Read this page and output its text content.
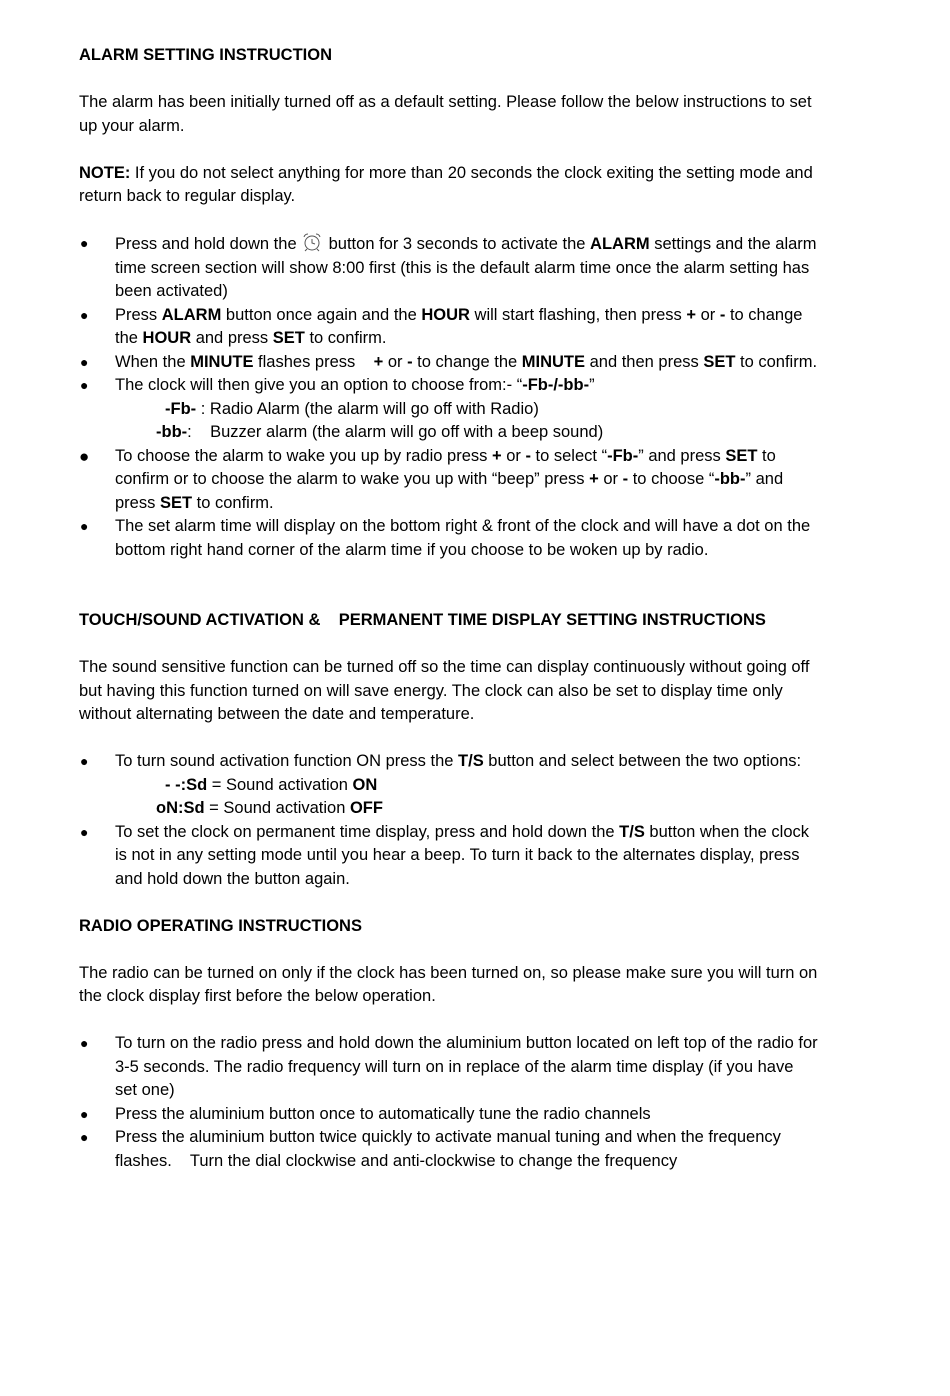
ALARM SETTING INSTRUCTION

The alarm has been initially turned off as a default setting. Please follow the below instructions to set up your alarm.

NOTE: If you do not select anything for more than 20 seconds the clock exiting the setting mode and return back to regular display.

● Press and hold down the button for 3 seconds to activate the ALARM settings and the alarm time screen section will show 8:00 first (this is the default alarm time once the alarm setting has been activated)
● Press ALARM button once again and the HOUR will start flashing, then press + or - to change the HOUR and press SET to confirm.
● When the MINUTE flashes press    + or - to change the MINUTE and then press SET to confirm.
● The clock will then give you an option to choose from:- “-Fb-/-bb-”
-Fb- : Radio Alarm (the alarm will go off with Radio)
-bb-:    Buzzer alarm (the alarm will go off with a beep sound)
● To choose the alarm to wake you up by radio press + or - to select “-Fb-” and press SET to confirm or to choose the alarm to wake you up with “beep” press + or - to choose “-bb-” and press SET to confirm.
● The set alarm time will display on the bottom right & front of the clock and will have a dot on the bottom right hand corner of the alarm time if you choose to be woken up by radio.
TOUCH/SOUND ACTIVATION &    PERMANENT TIME DISPLAY SETTING INSTRUCTIONS

The sound sensitive function can be turned off so the time can display continuously without going off but having this function turned on will save energy. The clock can also be set to display time only without alternating between the date and temperature.

● To turn sound activation function ON press the T/S button and select between the two options:
- -:Sd = Sound activation ON
oN:Sd = Sound activation OFF
● To set the clock on permanent time display, press and hold down the T/S button when the clock is not in any setting mode until you hear a beep. To turn it back to the alternates display, press and hold down the button again.
RADIO OPERATING INSTRUCTIONS

The radio can be turned on only if the clock has been turned on, so please make sure you will turn on the clock display first before the below operation.

● To turn on the radio press and hold down the aluminium button located on left top of the radio for 3-5 seconds. The radio frequency will turn on in replace of the alarm time display (if you have set one)
● Press the aluminium button once to automatically tune the radio channels
● Press the aluminium button twice quickly to activate manual tuning and when the frequency flashes.    Turn the dial clockwise and anti-clockwise to change the frequency
